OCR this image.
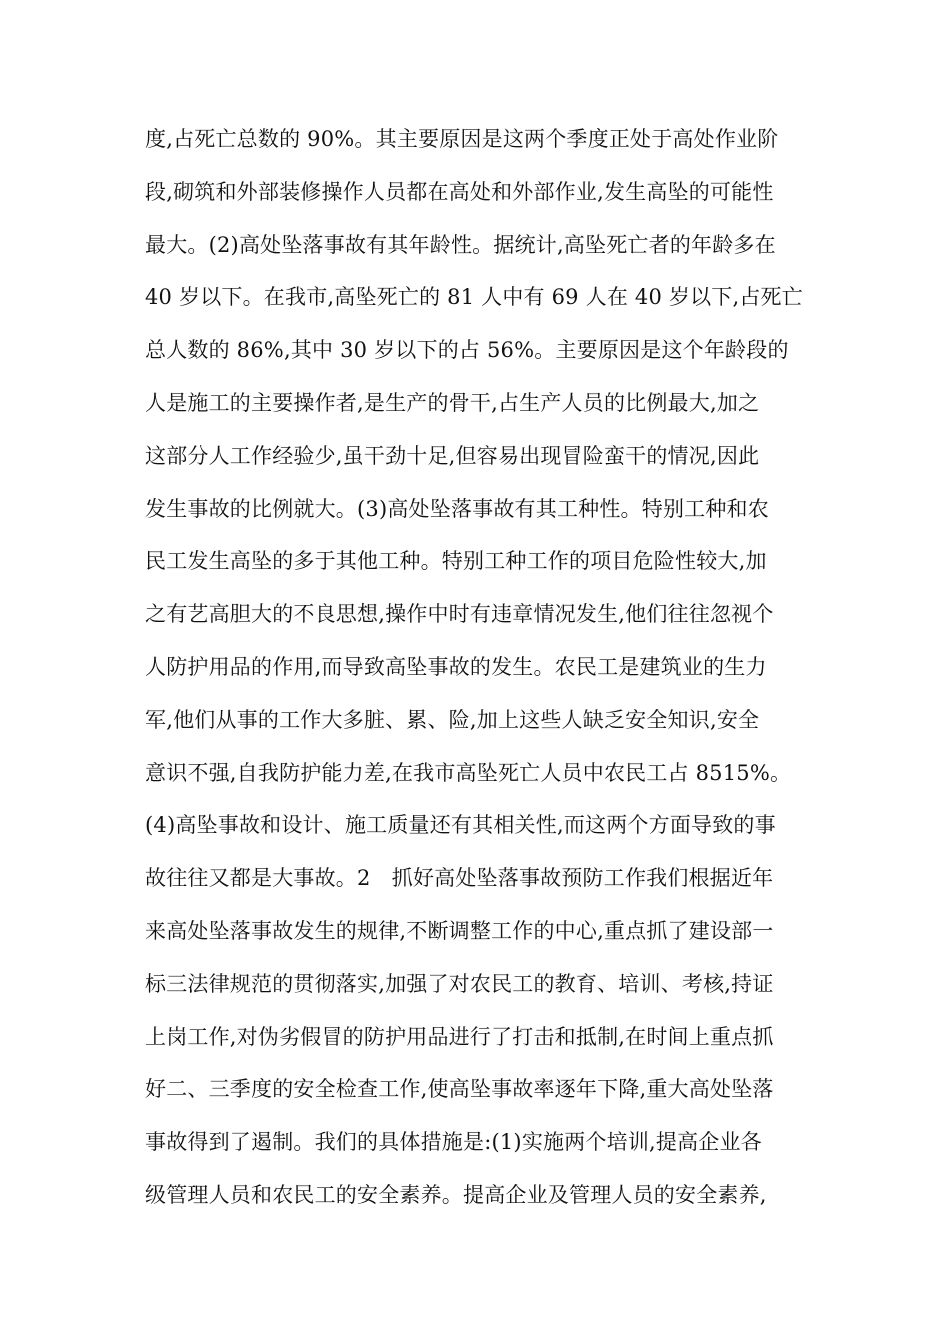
度,占死亡总数的 90%。其主要原因是这两个季度正处于高处作业阶
段,砌筑和外部装修操作人员都在高处和外部作业,发生高坠的可能性
最大。(2)高处坠落事故有其年龄性。据统计,高坠死亡者的年龄多在
40 岁以下。在我市,高坠死亡的 81 人中有 69 人在 40 岁以下,占死亡
总人数的 86%,其中 30 岁以下的占 56%。主要原因是这个年龄段的
人是施工的主要操作者,是生产的骨干,占生产人员的比例最大,加之
这部分人工作经验少,虽干劲十足,但容易出现冒险蛮干的情况,因此
发生事故的比例就大。(3)高处坠落事故有其工种性。特别工种和农
民工发生高坠的多于其他工种。特别工种工作的项目危险性较大,加
之有艺高胆大的不良思想,操作中时有违章情况发生,他们往往忽视个
人防护用品的作用,而导致高坠事故的发生。农民工是建筑业的生力
军,他们从事的工作大多脏、累、险,加上这些人缺乏安全知识,安全
意识不强,自我防护能力差,在我市高坠死亡人员中农民工占 8515%。
(4)高坠事故和设计、施工质量还有其相关性,而这两个方面导致的事
故往往又都是大事故。2　抓好高处坠落事故预防工作我们根据近年
来高处坠落事故发生的规律,不断调整工作的中心,重点抓了建设部一
标三法律规范的贯彻落实,加强了对农民工的教育、培训、考核,持证
上岗工作,对伪劣假冒的防护用品进行了打击和抵制,在时间上重点抓
好二、三季度的安全检查工作,使高坠事故率逐年下降,重大高处坠落
事故得到了遏制。我们的具体措施是:(1)实施两个培训,提高企业各
级管理人员和农民工的安全素养。提高企业及管理人员的安全素养,
